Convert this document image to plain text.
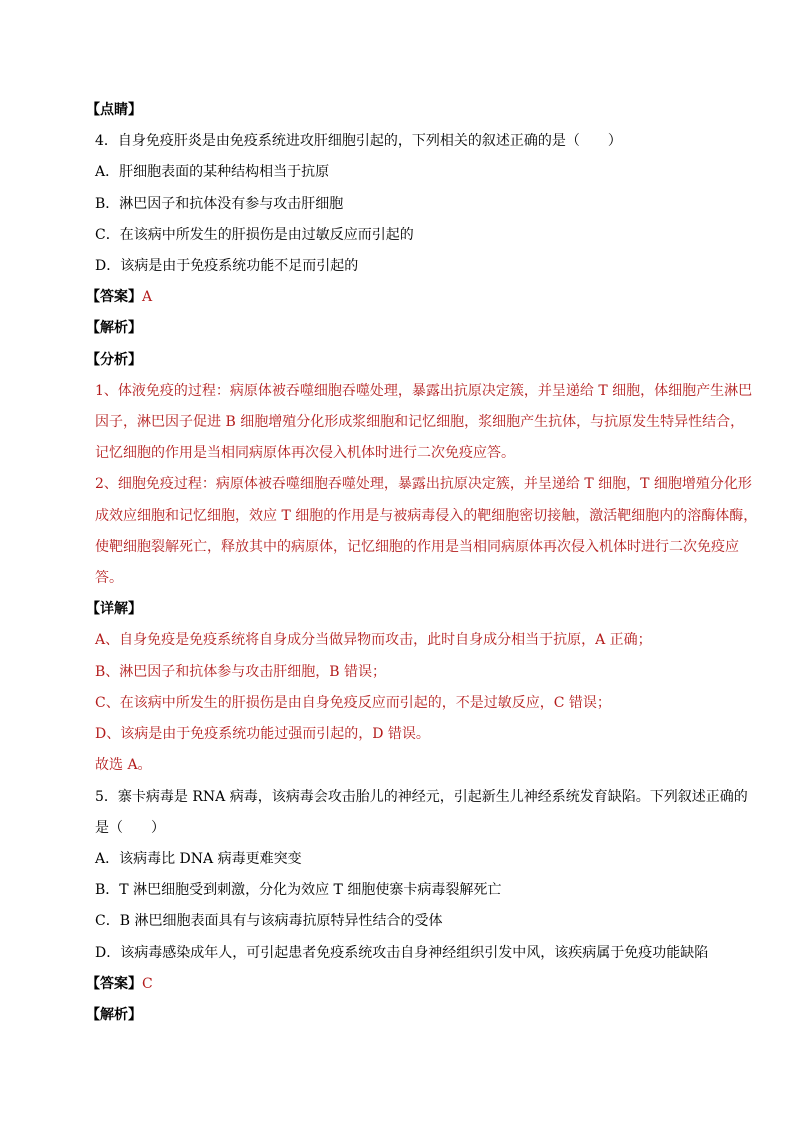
【点睛】
4．自身免疫肝炎是由免疫系统进攻肝细胞引起的，下列相关的叙述正确的是（　　）
A．肝细胞表面的某种结构相当于抗原
B．淋巴因子和抗体没有参与攻击肝细胞
C．在该病中所发生的肝损伤是由过敏反应而引起的
D．该病是由于免疫系统功能不足而引起的
【答案】A
【解析】
【分析】
1、体液免疫的过程：病原体被吞噬细胞吞噬处理，暴露出抗原决定簇，并呈递给 T 细胞，体细胞产生淋巴
因子，淋巴因子促进 B 细胞增殖分化形成浆细胞和记忆细胞，浆细胞产生抗体，与抗原发生特异性结合，
记忆细胞的作用是当相同病原体再次侵入机体时进行二次免疫应答。
2、细胞免疫过程：病原体被吞噬细胞吞噬处理，暴露出抗原决定簇，并呈递给 T 细胞，T 细胞增殖分化形
成效应细胞和记忆细胞，效应 T 细胞的作用是与被病毒侵入的靶细胞密切接触，激活靶细胞内的溶酶体酶，
使靶细胞裂解死亡，释放其中的病原体，记忆细胞的作用是当相同病原体再次侵入机体时进行二次免疫应
答。
【详解】
A、自身免疫是免疫系统将自身成分当做异物而攻击，此时自身成分相当于抗原，A 正确；
B、淋巴因子和抗体参与攻击肝细胞，B 错误；
C、在该病中所发生的肝损伤是由自身免疫反应而引起的，不是过敏反应，C 错误；
D、该病是由于免疫系统功能过强而引起的，D 错误。
故选 A。
5．寨卡病毒是 RNA 病毒，该病毒会攻击胎儿的神经元，引起新生儿神经系统发育缺陷。下列叙述正确的
是（　　）
A．该病毒比 DNA 病毒更难突变
B．T 淋巴细胞受到刺激，分化为效应 T 细胞使寨卡病毒裂解死亡
C．B 淋巴细胞表面具有与该病毒抗原特异性结合的受体
D．该病毒感染成年人，可引起患者免疫系统攻击自身神经组织引发中风，该疾病属于免疫功能缺陷
【答案】C
【解析】
